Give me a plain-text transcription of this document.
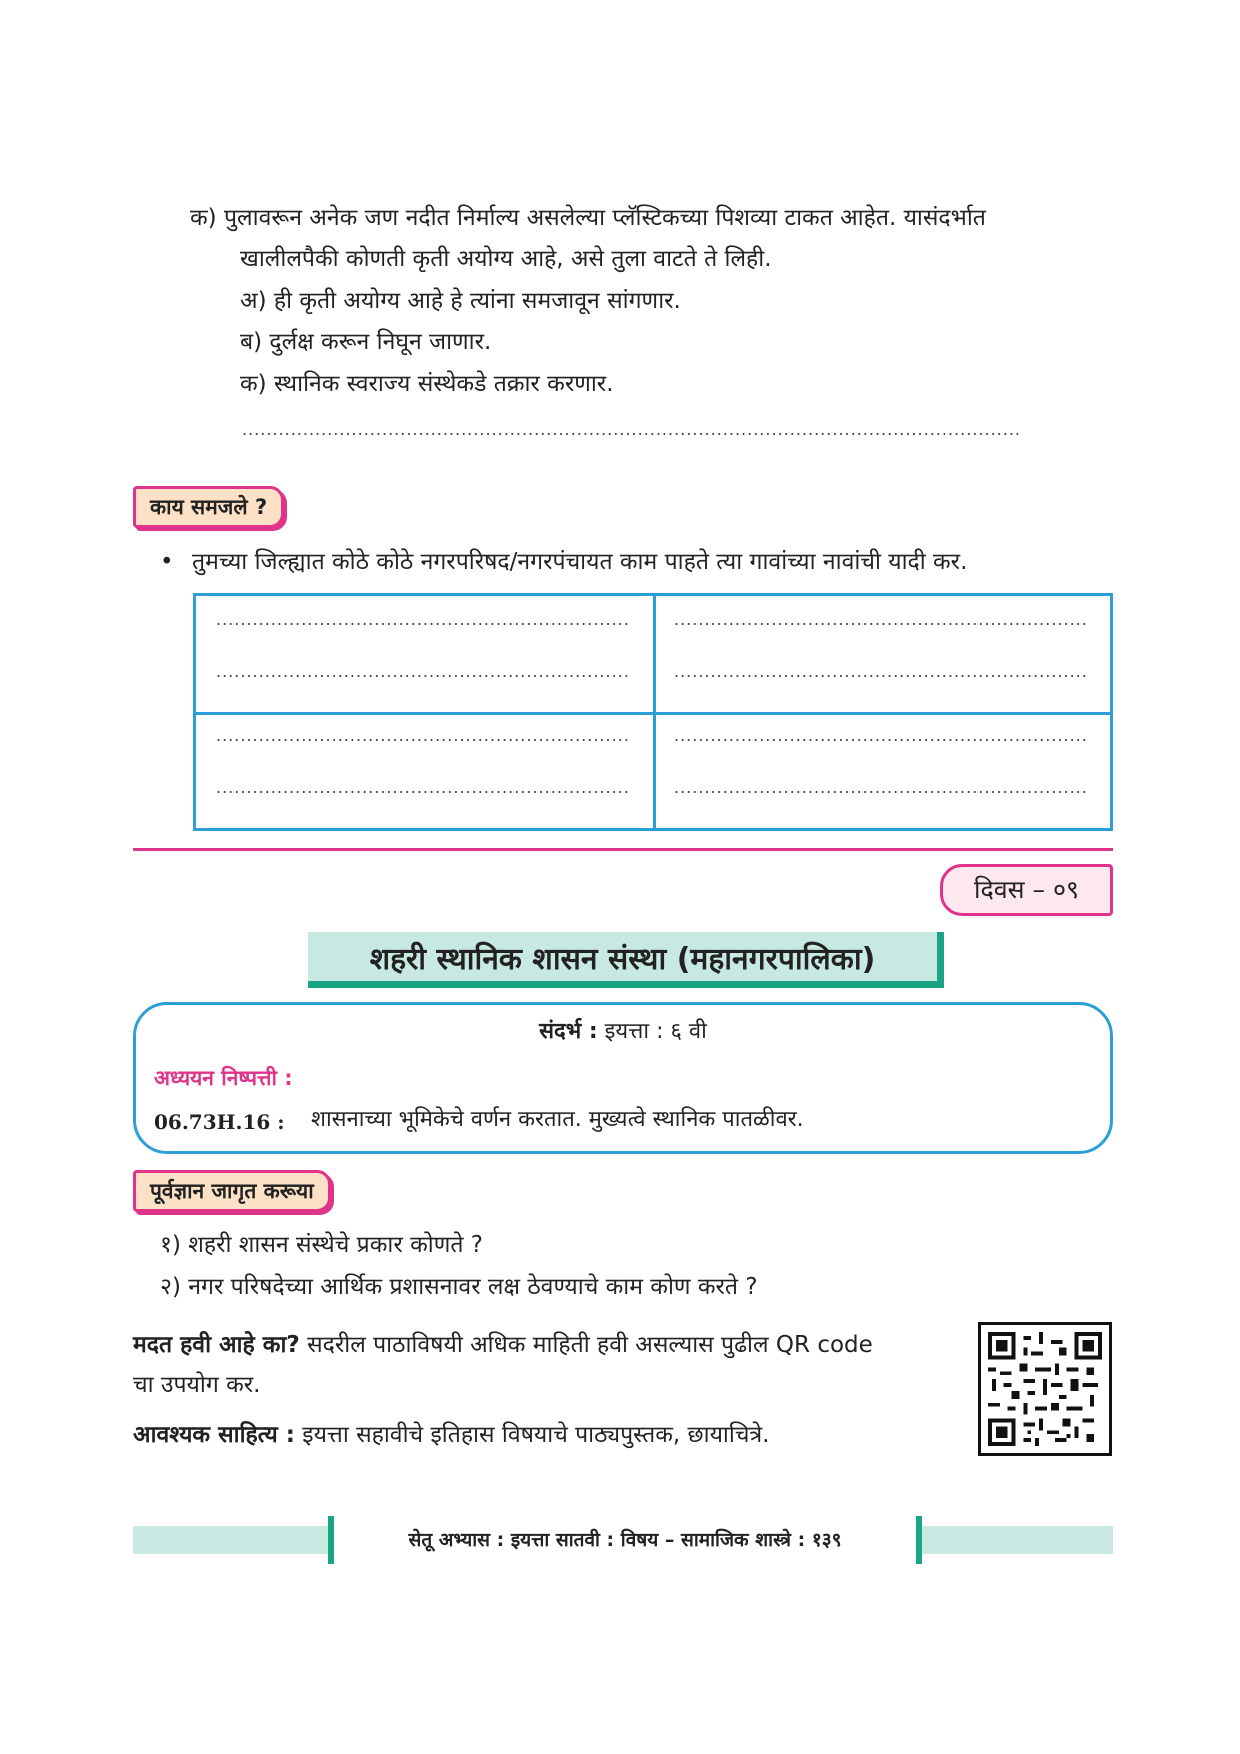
क) पुलावरून अनेक जण नदीत निर्माल्य असलेल्या प्लॅस्टिकच्या पिशव्या टाकत आहेत. यासंदर्भात
खालीलपैकी कोणती कृती अयोग्य आहे, असे तुला वाटते ते लिही.
अ) ही कृती अयोग्य आहे हे त्यांना समजावून सांगणार.
ब) दुर्लक्ष करून निघून जाणार.
क) स्थानिक स्वराज्य संस्थेकडे तक्रार करणार.
................................................................................................................................
काय समजले ?
• तुमच्या जिल्ह्यात कोठे कोठे नगरपरिषद/नगरपंचायत काम पाहते त्या गावांच्या नावांची यादी कर.
....................................................................
....................................................................
....................................................................
....................................................................
....................................................................
....................................................................
....................................................................
....................................................................
दिवस – ०९
शहरी स्थानिक शासन संस्था (महानगरपालिका)
संदर्भ : इयत्ता : ६ वी
अध्ययन निष्पत्ती :
06.73H.16 : शासनाच्या भूमिकेचे वर्णन करतात. मुख्यत्वे स्थानिक पातळीवर.
पूर्वज्ञान जागृत करूया
१) शहरी शासन संस्थेचे प्रकार कोणते ?
२) नगर परिषदेच्या आर्थिक प्रशासनावर लक्ष ठेवण्याचे काम कोण करते ?
मदत हवी आहे का? सदरील पाठाविषयी अधिक माहिती हवी असल्यास पुढील QR code
चा उपयोग कर.
आवश्यक साहित्य : इयत्ता सहावीचे इतिहास विषयाचे पाठ्यपुस्तक, छायाचित्रे.
सेतू अभ्यास : इयत्ता सातवी : विषय – सामाजिक शास्त्रे : १३९
